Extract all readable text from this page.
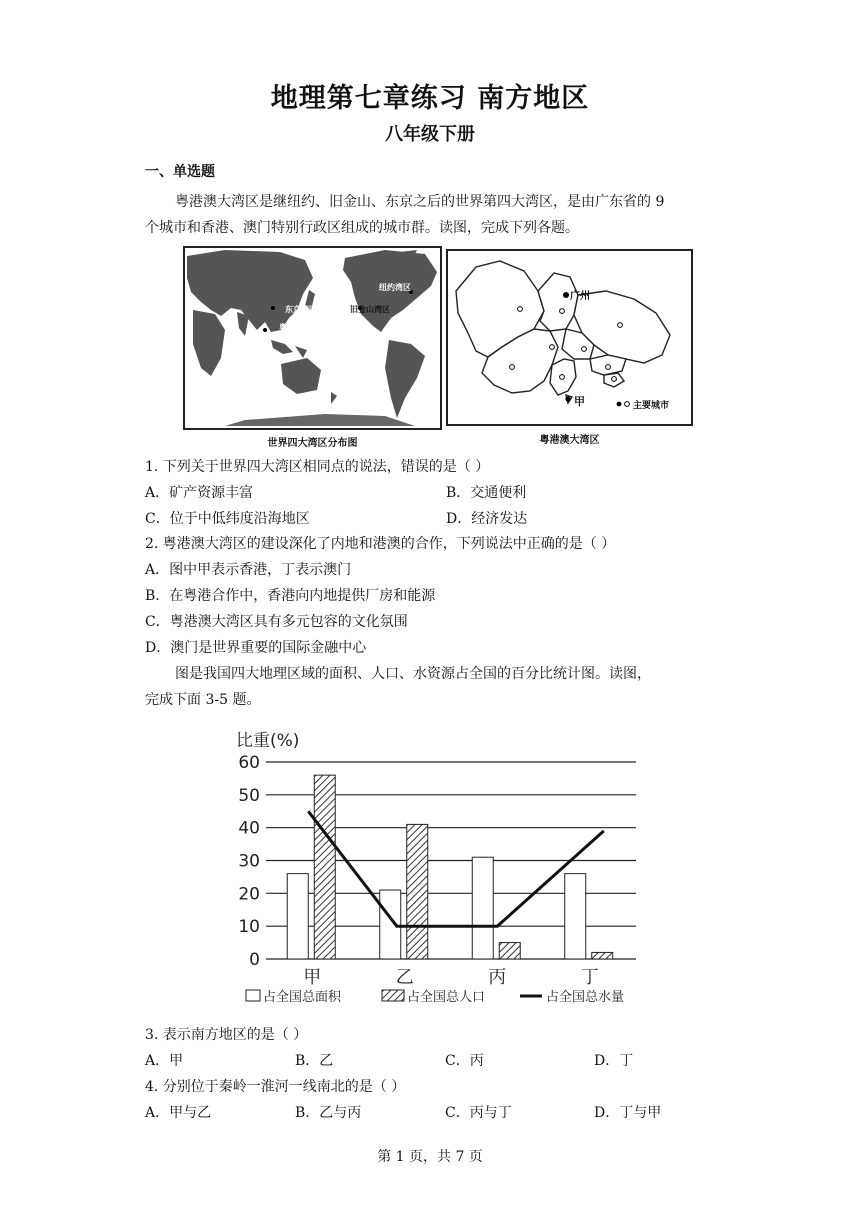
地理第七章练习 南方地区
八年级下册
一、单选题
粤港澳大湾区是继纽约、旧金山、东京之后的世界第四大湾区，是由广东省的 9
个城市和香港、澳门特别行政区组成的城市群。读图，完成下列各题。
东京湾区
粤港澳大湾区
旧金山湾区
纽约湾区
世界四大湾区分布图
广州
甲	主要城市
粤港澳大湾区
1. 下列关于世界四大湾区相同点的说法，错误的是（ ）
A．矿产资源丰富	B．交通便利
C．位于中低纬度沿海地区	D．经济发达
2. 粤港澳大湾区的建设深化了内地和港澳的合作，下列说法中正确的是（ ）
A．图中甲表示香港，丁表示澳门
B．在粤港合作中，香港向内地提供厂房和能源
C．粤港澳大湾区具有多元包容的文化氛围
D．澳门是世界重要的国际金融中心
图是我国四大地理区域的面积、人口、水资源占全国的百分比统计图。读图，
完成下面 3-5 题。
比重(%)
0
10
20
30
40
50
60
甲	乙	丙	丁
占全国总面积	占全国总人口	占全国总水量
3. 表示南方地区的是（ ）
A．甲	B．乙	C．丙	D．丁
4. 分别位于秦岭一淮河一线南北的是（ ）
A．甲与乙	B．乙与丙	C．丙与丁	D．丁与甲
第 1 页，共 7 页
